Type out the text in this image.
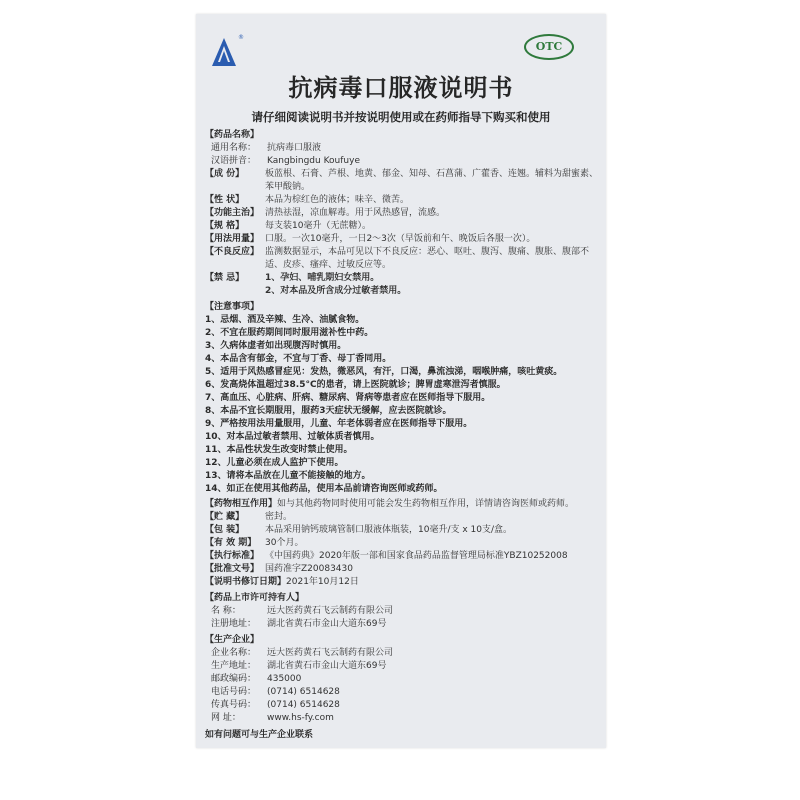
®
OTC
抗病毒口服液说明书
请仔细阅读说明书并按说明使用或在药师指导下购买和使用
【药品名称】
通用名称：	抗病毒口服液
汉语拼音：	Kangbingdu Koufuye
【成 份】	板蓝根、石膏、芦根、地黄、郁金、知母、石菖蒲、广藿香、连翘。辅料为甜蜜素、苯甲酸钠。
【性 状】	本品为棕红色的液体；味辛、微苦。
【功能主治】 清热祛湿，凉血解毒。用于风热感冒，流感。
【规 格】	每支装10毫升（无蔗糖）。
【用法用量】 口服。一次10毫升，一日2～3次（早饭前和午、晚饭后各服一次）。
【不良反应】 监测数据显示，本品可见以下不良反应：恶心、呕吐、腹泻、腹痛、腹胀、腹部不适、皮疹、瘙痒、过敏反应等。
【禁 忌】	1、孕妇、哺乳期妇女禁用。
2、对本品及所含成分过敏者禁用。
【注意事项】
1、忌烟、酒及辛辣、生冷、油腻食物。
2、不宜在服药期间同时服用滋补性中药。
3、久病体虚者如出现腹泻时慎用。
4、本品含有郁金，不宜与丁香、母丁香同用。
5、适用于风热感冒症见：发热，微恶风，有汗，口渴，鼻流浊涕，咽喉肿痛，咳吐黄痰。
6、发高烧体温超过38.5°C的患者，请上医院就诊；脾胃虚寒泄泻者慎服。
7、高血压、心脏病、肝病、糖尿病、肾病等患者应在医师指导下服用。
8、本品不宜长期服用，服药3天症状无缓解，应去医院就诊。
9、严格按用法用量服用，儿童、年老体弱者应在医师指导下服用。
10、对本品过敏者禁用、过敏体质者慎用。
11、本品性状发生改变时禁止使用。
12、儿童必须在成人监护下使用。
13、请将本品放在儿童不能接触的地方。
14、如正在使用其他药品，使用本品前请咨询医师或药师。
【药物相互作用】 如与其他药物同时使用可能会发生药物相互作用，详情请咨询医师或药师。
【贮 藏】	密封。
【包 装】	本品采用钠钙玻璃管制口服液体瓶装，10毫升/支 x 10支/盒。
【有 效 期】 30个月。
【执行标准】 《中国药典》2020年版一部和国家食品药品监督管理局标准YBZ10252008
【批准文号】 国药准字Z20083430
【说明书修订日期】 2021年10月12日
【药品上市许可持有人】
名 称：	远大医药黄石飞云制药有限公司
注册地址：	湖北省黄石市金山大道东69号
【生产企业】
企业名称：	远大医药黄石飞云制药有限公司
生产地址：	湖北省黄石市金山大道东69号
邮政编码：	435000
电话号码：	(0714) 6514628
传真号码：	(0714) 6514628
网 址：	www.hs-fy.com
如有问题可与生产企业联系
